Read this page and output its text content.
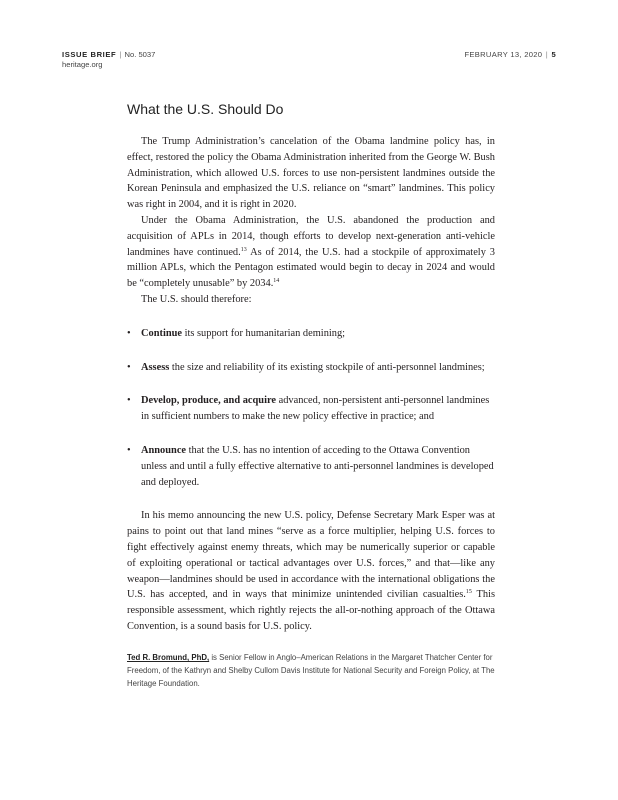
ISSUE BRIEF | No. 5037
heritage.org
FEBRUARY 13, 2020 | 5
What the U.S. Should Do

The Trump Administration’s cancelation of the Obama landmine policy has, in effect, restored the policy the Obama Administration inherited from the George W. Bush Administration, which allowed U.S. forces to use non-persistent landmines outside the Korean Peninsula and emphasized the U.S. reliance on “smart” landmines. This policy was right in 2004, and it is right in 2020.

Under the Obama Administration, the U.S. abandoned the production and acquisition of APLs in 2014, though efforts to develop next-generation anti-vehicle landmines have continued.$^{13}$ As of 2014, the U.S. had a stockpile of approximately 3 million APLs, which the Pentagon estimated would begin to decay in 2024 and would be “completely unusable” by 2034.14

The U.S. should therefore:

• Continue its support for humanitarian demining;
• Assess the size and reliability of its existing stockpile of anti-personnel landmines;
• Develop, produce, and acquire advanced, non-persistent anti-personnel landmines in sufficient numbers to make the new policy effective in practice; and
• Announce that the U.S. has no intention of acceding to the Ottawa Convention unless and until a fully effective alternative to anti-personnel landmines is developed and deployed.

In his memo announcing the new U.S. policy, Defense Secretary Mark Esper was at pains to point out that land mines “serve as a force multiplier, helping U.S. forces to fight effectively against enemy threats, which may be numerically superior or capable of exploiting operational or tactical advantages over U.S. forces,” and that—like any weapon—landmines should be used in accordance with the international obligations the U.S. has accepted, and in ways that minimize unintended civilian casualties.$^{15}$ This responsible assessment, which rightly rejects the all-or-nothing approach of the Ottawa Convention, is a sound basis for U.S. policy.

Ted R. Bromund, PhD, is Senior Fellow in Anglo–American Relations in the Margaret Thatcher Center for Freedom, of the Kathryn and Shelby Cullom Davis Institute for National Security and Foreign Policy, at The Heritage Foundation.
